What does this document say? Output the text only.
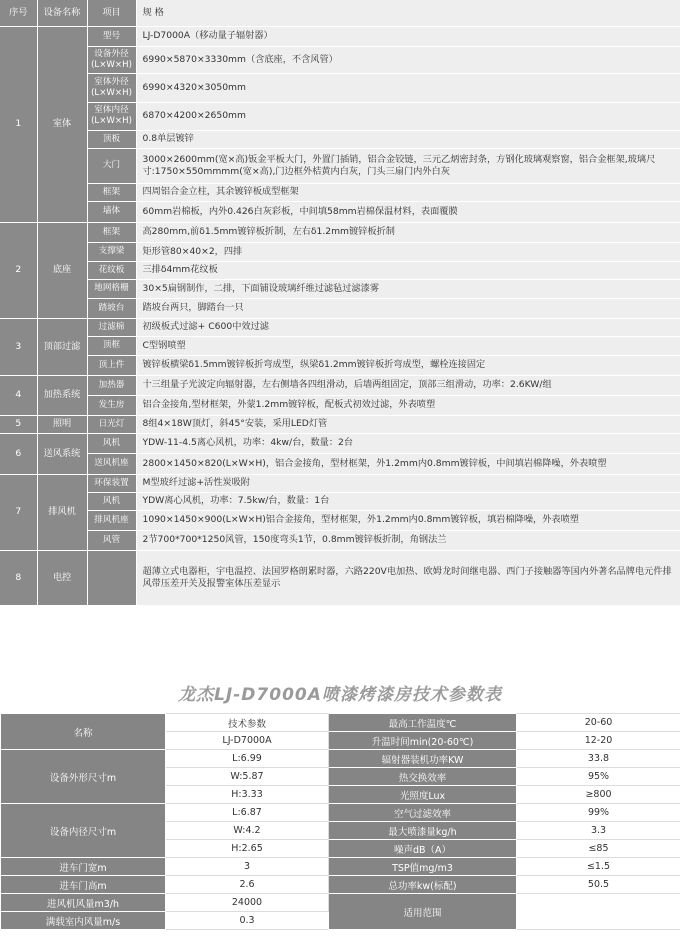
序号	设备名称	项目	规 格
1	室体	型号	LJ-D7000A（移动量子辐射器）

		设备外径
(L×W×H)	6990×5870×3330mm（含底座，不含风管）

		室体外径
(L×W×H)	6990×4320×3050mm

		室体内径
(L×W×H)	6870×4200×2650mm

		顶板	0.8单层镀锌

		大门	3000×2600mm(宽×高)钣金平板大门，外置门插销，铝合金铰链，三元乙炳密封条，方钢化玻璃观察窗，铝合金框架,玻璃尺寸:1750×550mmmm(宽×高),门边框外桔黄内白灰，门头三扇门内外白灰

		框架	四周铝合金立柱，其余镀锌板成型框架

		墙体	60mm岩棉板，内外0.426白灰彩板，中间填58mm岩棉保温材料，表面覆膜
2	底座	框架	高280mm,前δ1.5mm镀锌板折制，左右δ1.2mm镀锌板折制

		支撑梁	矩形管80×40×2，四排

		花纹板	三排δ4mm花纹板

		地网格栅	30×5扁钢制作，二排，下面铺设玻璃纤维过滤毡过滤漆雾

		踏坡台	踏坡台两只，脚踏台一只
3	顶部过滤	过滤棉	初级板式过滤+ C600中效过滤

		顶框	C型钢喷塑

		顶上件	镀锌板横梁δ1.5mm镀锌板折弯成型，纵梁δ1.2mm镀锌板折弯成型，螺栓连接固定
4	加热系统	加热器	十三组量子光波定向辐射器，左右侧墙各四组滑动，后墙两组固定，顶部三组滑动，功率：2.6KW/组

		发生房	铝合金接角,型材框架，外蒙1.2mm镀锌板，配板式初效过滤，外表喷塑
5	照明	日光灯	8组4×18W顶灯，斜45°安装，采用LED灯管
6	送风系统	风机	YDW-11-4.5离心风机，功率：4kw/台，数量：2台

		送风机座	2800×1450×820(L×W×H)，铝合金接角，型材框架，外1.2mm内0.8mm镀锌板，中间填岩棉降噪，外表喷塑
7	排风机	环保装置	M型玻纤过滤+活性炭吸附

		风机	YDW离心风机，功率：7.5kw/台，数量：1台

		排风机座	1090×1450×900(L×W×H)铝合金接角，型材框架，外1.2mm内0.8mm镀锌板，填岩棉降噪，外表喷塑

		风管	2节700*700*1250风管，150度弯头1节，0.8mm镀锌板折制，角钢法兰
8	电控		超薄立式电器柜，宇电温控、法国罗格朗累时器，六路220V电加热、欧姆龙时间继电器、西门子接触器等国内外著名品牌电元件排风带压差开关及报警室体压差显示
龙杰LJ-D7000A喷漆烤漆房技术参数表
名称	技术参数	最高工作温度℃	20-60
	LJ-D7000A	升温时间min(20-60℃)	12-20
设备外形尺寸m	L:6.99	辐射器装机功率KW	33.8
	W:5.87	热交换效率	95%
	H:3.33	光照度Lux	≥800
设备内径尺寸m	L:6.87	空气过滤效率	99%
	W:4.2	最大喷漆量kg/h	3.3
	H:2.65	噪声dB（A）	≤85
进车门宽m	3	TSP值mg/m3	≤1.5
进车门高m	2.6	总功率kw(标配)	50.5
进风机风量m3/h	24000	适用范围	
满载室内风量m/s	0.3		
